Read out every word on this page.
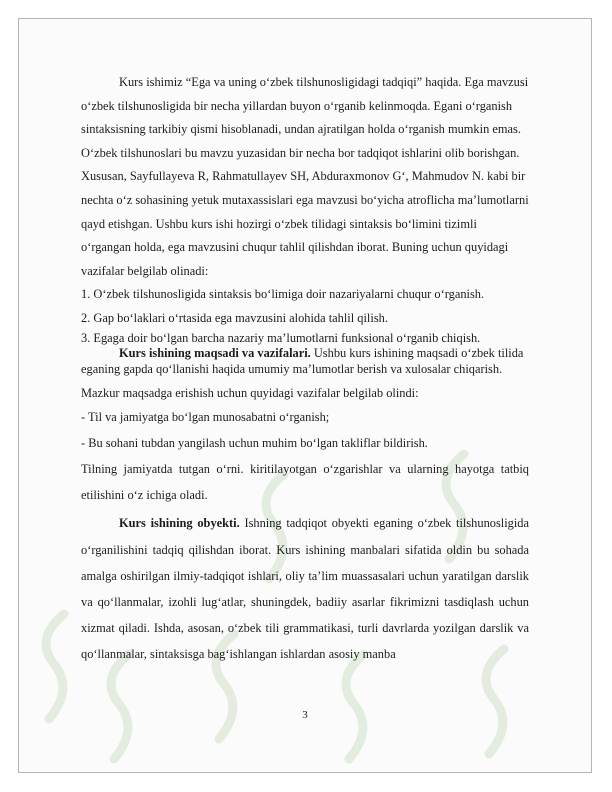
Kurs ishimiz “Ega va uning o‘zbek tilshunosligidagi tadqiqi” haqida. Ega mavzusi o‘zbek tilshunosligida bir necha yillardan buyon o‘rganib kelinmoqda. Egani o‘rganish sintaksisning tarkibiy qismi hisoblanadi, undan ajratilgan holda o‘rganish mumkin emas. O‘zbek tilshunoslari bu mavzu yuzasidan bir necha bor tadqiqot ishlarini olib borishgan. Xususan, Sayfullayeva R, Rahmatullayev SH, Abduraxmonov G‘, Mahmudov N. kabi bir nechta o‘z sohasining yetuk mutaxassislari ega mavzusi bo‘yicha atroflicha ma’lumotlarni qayd etishgan. Ushbu kurs ishi hozirgi o‘zbek tilidagi sintaksis bo‘limini tizimli o‘rgangan holda, ega mavzusini chuqur tahlil qilishdan iborat. Buning uchun quyidagi vazifalar belgilab olinadi:

1. O‘zbek tilshunosligida sintaksis bo‘limiga doir nazariyalarni chuqur o‘rganish.
2. Gap bo‘laklari o‘rtasida ega mavzusini alohida tahlil qilish.
3. Egaga doir bo‘lgan barcha nazariy ma’lumotlarni funksional o‘rganib chiqish.

Kurs ishining maqsadi va vazifalari. Ushbu kurs ishining maqsadi o‘zbek tilida eganing gapda qo‘llanishi haqida umumiy ma’lumotlar berish va xulosalar chiqarish.

Mazkur maqsadga erishish uchun quyidagi vazifalar belgilab olindi:

- Til va jamiyatga bo‘lgan munosabatni o‘rganish;
- Bu sohani tubdan yangilash uchun muhim bo‘lgan takliflar bildirish.

Tilning jamiyatda tutgan o‘rni. kiritilayotgan o‘zgarishlar va ularning hayotga tatbiq etilishini o‘z ichiga oladi.

Kurs ishining obyekti. Ishning tadqiqot obyekti eganing o‘zbek tilshunosligida o‘rganilishini tadqiq qilishdan iborat. Kurs ishining manbalari sifatida oldin bu sohada amalga oshirilgan ilmiy-tadqiqot ishlari, oliy ta’lim muassasalari uchun yaratilgan darslik va qo‘llanmalar, izohli lug‘atlar, shuningdek, badiiy asarlar fikrimizni tasdiqlash uchun xizmat qiladi. Ishda, asosan, o‘zbek tili grammatikasi, turli davrlarda yozilgan darslik va qo‘llanmalar, sintaksisga bag‘ishlangan ishlardan asosiy manba

3
